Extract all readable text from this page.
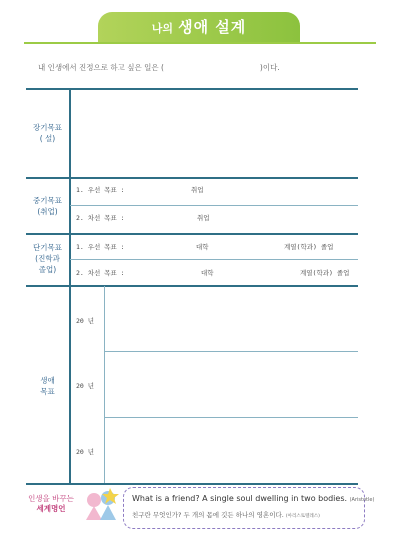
나의 생애 설계
내 인생에서 진정으로 하고 싶은 일은 (	)이다.
장기목표
( 설)
중기목표
(취업)
1. 우선 목표 :	취업
2. 차선 목표 :	취업
단기목표
(진학과
졸업)
1. 우선 목표 :	대학	계열(학과) 졸업
2. 차선 목표 :	대학	계열(학과) 졸업
생애
목표
20 년
20 년
20 년
인생을 바꾸는
세계명언
What is a friend? A single soul dwelling in two bodies. (Aristotle)
친구란 무엇인가? 두 개의 몸에 깃든 하나의 영혼이다. (아리스토텔레스)
